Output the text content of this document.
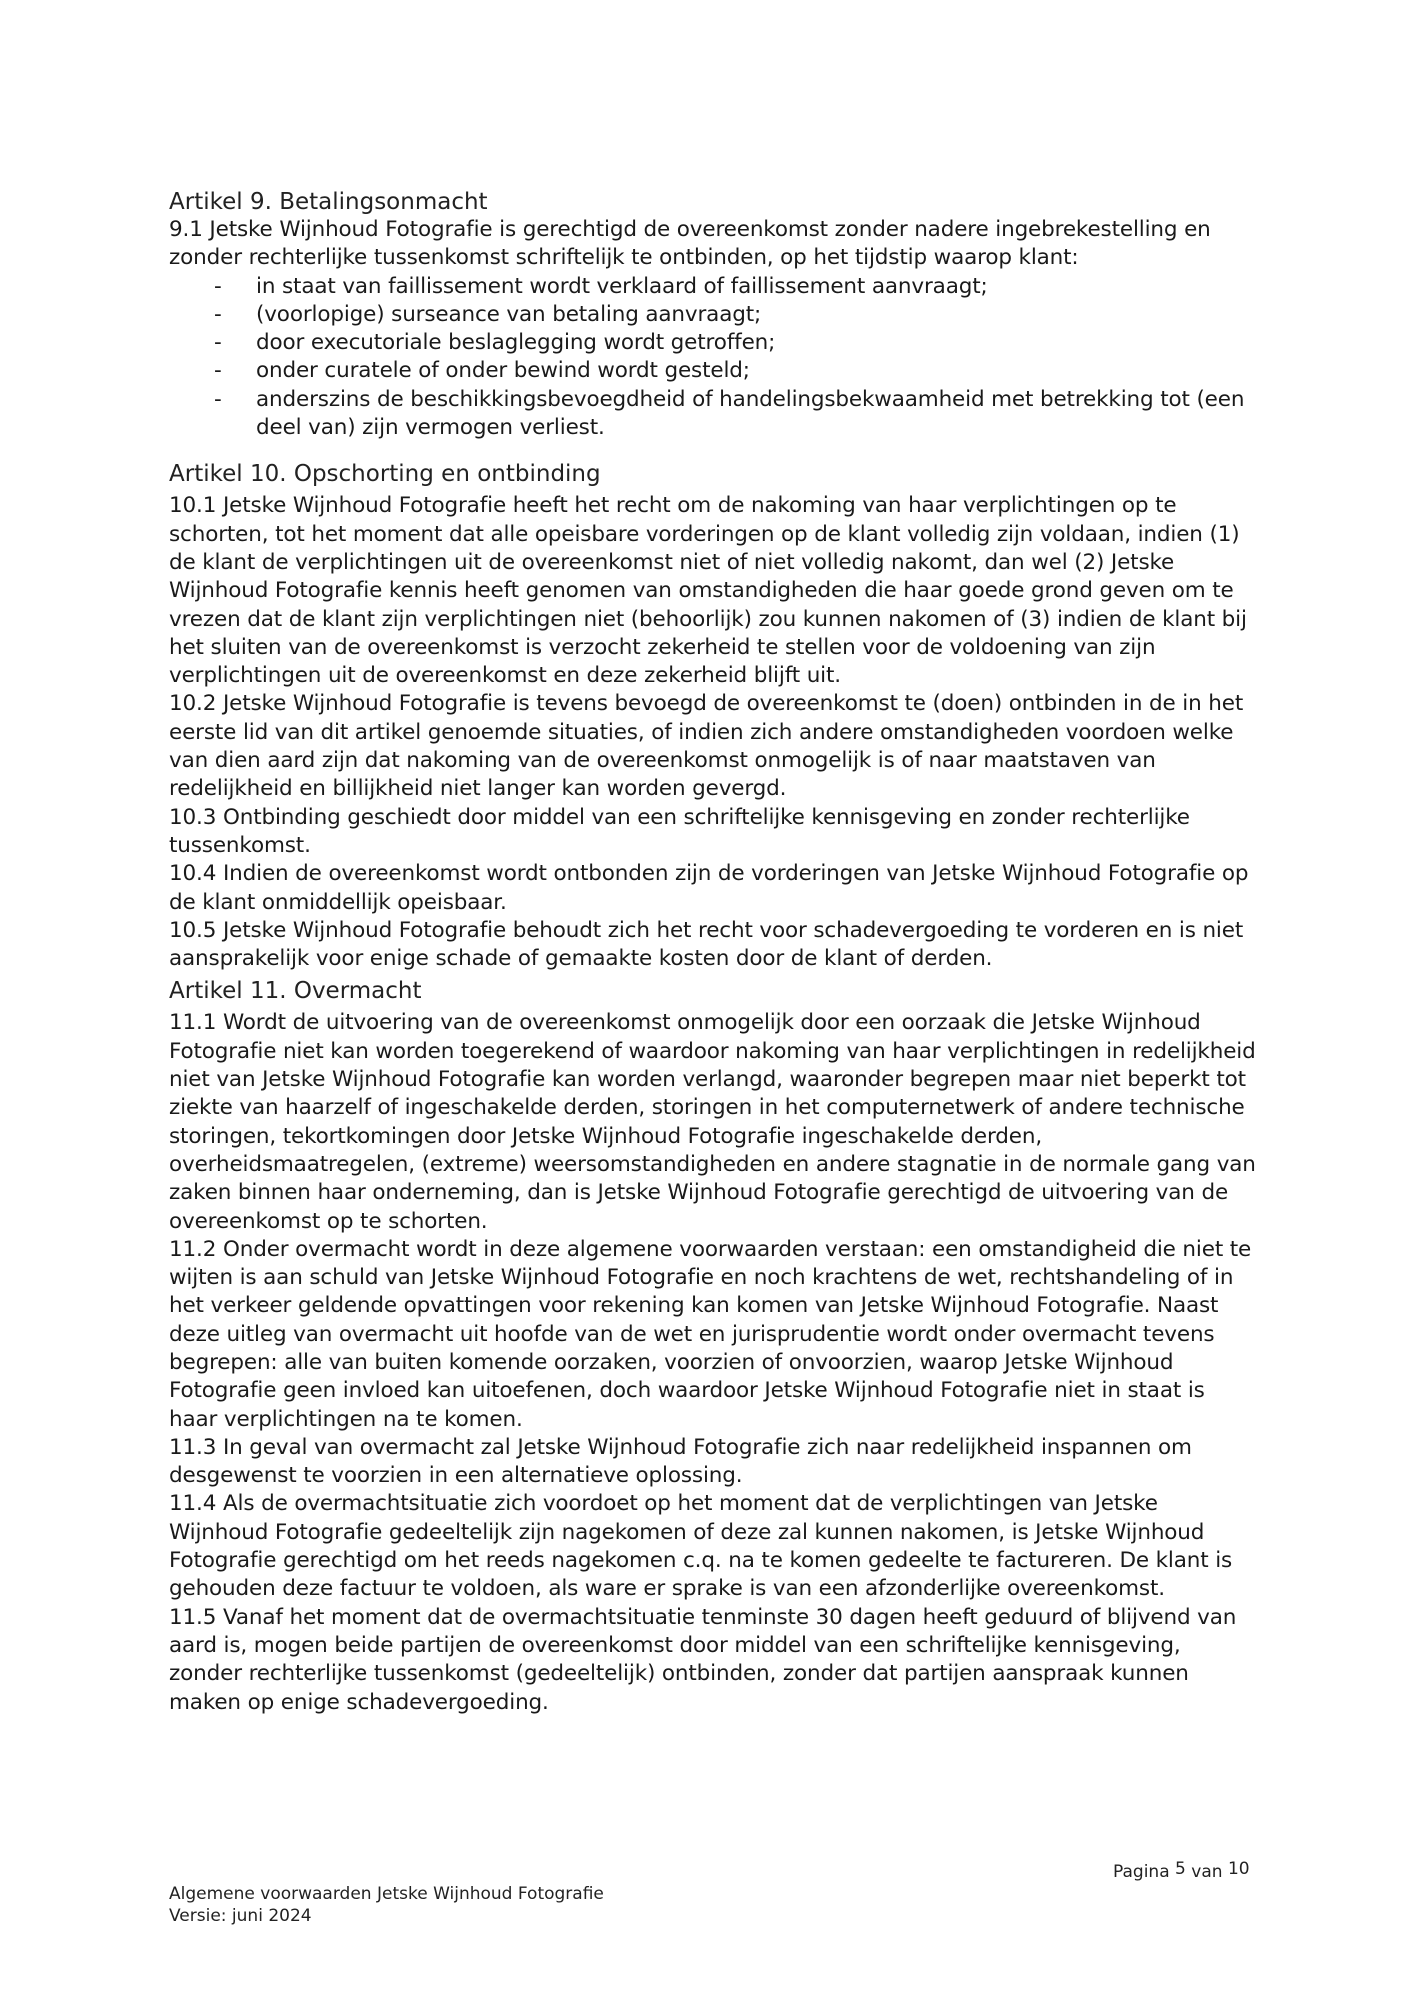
Artikel 9. Betalingsonmacht

9.1 Jetske Wijnhoud Fotografie is gerechtigd de overeenkomst zonder nadere ingebrekestelling en zonder rechterlijke tussenkomst schriftelijk te ontbinden, op het tijdstip waarop klant:

- in staat van faillissement wordt verklaard of faillissement aanvraagt;
- (voorlopige) surseance van betaling aanvraagt;
- door executoriale beslaglegging wordt getroffen;
- onder curatele of onder bewind wordt gesteld;
- anderszins de beschikkingsbevoegdheid of handelingsbekwaamheid met betrekking tot (een deel van) zijn vermogen verliest.
Artikel 10. Opschorting en ontbinding

10.1 Jetske Wijnhoud Fotografie heeft het recht om de nakoming van haar verplichtingen op te schorten, tot het moment dat alle opeisbare vorderingen op de klant volledig zijn voldaan, indien (1) de klant de verplichtingen uit de overeenkomst niet of niet volledig nakomt, dan wel (2) Jetske Wijnhoud Fotografie kennis heeft genomen van omstandigheden die haar goede grond geven om te vrezen dat de klant zijn verplichtingen niet (behoorlijk) zou kunnen nakomen of (3) indien de klant bij het sluiten van de overeenkomst is verzocht zekerheid te stellen voor de voldoening van zijn verplichtingen uit de overeenkomst en deze zekerheid blijft uit.

10.2 Jetske Wijnhoud Fotografie is tevens bevoegd de overeenkomst te (doen) ontbinden in de in het eerste lid van dit artikel genoemde situaties, of indien zich andere omstandigheden voordoen welke van dien aard zijn dat nakoming van de overeenkomst onmogelijk is of naar maatstaven van redelijkheid en billijkheid niet langer kan worden gevergd.

10.3 Ontbinding geschiedt door middel van een schriftelijke kennisgeving en zonder rechterlijke tussenkomst.

10.4 Indien de overeenkomst wordt ontbonden zijn de vorderingen van Jetske Wijnhoud Fotografie op de klant onmiddellijk opeisbaar.

10.5 Jetske Wijnhoud Fotografie behoudt zich het recht voor schadevergoeding te vorderen en is niet aansprakelijk voor enige schade of gemaakte kosten door de klant of derden.

Artikel 11. Overmacht

11.1 Wordt de uitvoering van de overeenkomst onmogelijk door een oorzaak die Jetske Wijnhoud Fotografie niet kan worden toegerekend of waardoor nakoming van haar verplichtingen in redelijkheid niet van Jetske Wijnhoud Fotografie kan worden verlangd, waaronder begrepen maar niet beperkt tot ziekte van haarzelf of ingeschakelde derden, storingen in het computernetwerk of andere technische storingen, tekortkomingen door Jetske Wijnhoud Fotografie ingeschakelde derden, overheidsmaatregelen, (extreme) weersomstandigheden en andere stagnatie in de normale gang van zaken binnen haar onderneming, dan is Jetske Wijnhoud Fotografie gerechtigd de uitvoering van de overeenkomst op te schorten.

11.2 Onder overmacht wordt in deze algemene voorwaarden verstaan: een omstandigheid die niet te wijten is aan schuld van Jetske Wijnhoud Fotografie en noch krachtens de wet, rechtshandeling of in het verkeer geldende opvattingen voor rekening kan komen van Jetske Wijnhoud Fotografie. Naast deze uitleg van overmacht uit hoofde van de wet en jurisprudentie wordt onder overmacht tevens begrepen: alle van buiten komende oorzaken, voorzien of onvoorzien, waarop Jetske Wijnhoud Fotografie geen invloed kan uitoefenen, doch waardoor Jetske Wijnhoud Fotografie niet in staat is haar verplichtingen na te komen.

11.3 In geval van overmacht zal Jetske Wijnhoud Fotografie zich naar redelijkheid inspannen om desgewenst te voorzien in een alternatieve oplossing.

11.4 Als de overmachtsituatie zich voordoet op het moment dat de verplichtingen van Jetske Wijnhoud Fotografie gedeeltelijk zijn nagekomen of deze zal kunnen nakomen, is Jetske Wijnhoud Fotografie gerechtigd om het reeds nagekomen c.q. na te komen gedeelte te factureren. De klant is gehouden deze factuur te voldoen, als ware er sprake is van een afzonderlijke overeenkomst.

11.5 Vanaf het moment dat de overmachtsituatie tenminste 30 dagen heeft geduurd of blijvend van aard is, mogen beide partijen de overeenkomst door middel van een schriftelijke kennisgeving, zonder rechterlijke tussenkomst (gedeeltelijk) ontbinden, zonder dat partijen aanspraak kunnen maken op enige schadevergoeding.

Pagina 5 van 10
Algemene voorwaarden Jetske Wijnhoud Fotografie
Versie: juni 2024
